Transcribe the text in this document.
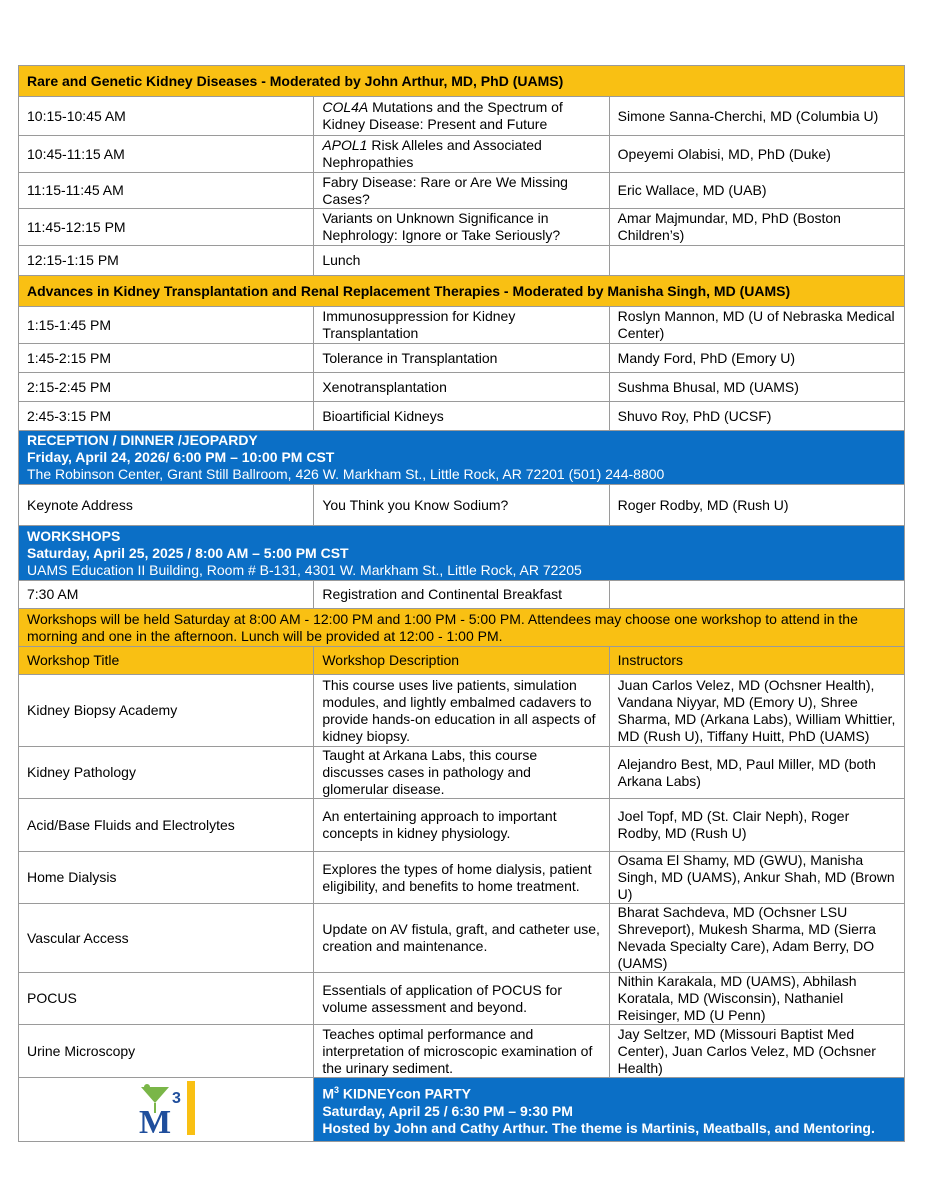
Rare and Genetic Kidney Diseases - Moderated by John Arthur, MD, PhD (UAMS)		
10:15-10:45 AM	COL4A Mutations and the Spectrum of Kidney Disease: Present and Future	Simone Sanna-Cherchi, MD (Columbia U)
10:45-11:15 AM	APOL1 Risk Alleles and Associated Nephropathies	Opeyemi Olabisi, MD, PhD (Duke)
11:15-11:45 AM	Fabry Disease: Rare or Are We Missing Cases?	Eric Wallace, MD (UAB)
11:45-12:15 PM	Variants on Unknown Significance in Nephrology: Ignore or Take Seriously?	Amar Majmundar, MD, PhD (Boston Children’s)
12:15-1:15 PM	Lunch	
Advances in Kidney Transplantation and Renal Replacement Therapies - Moderated by Manisha Singh, MD (UAMS)		
1:15-1:45 PM	Immunosuppression for Kidney Transplantation	Roslyn Mannon, MD (U of Nebraska Medical Center)
1:45-2:15 PM	Tolerance in Transplantation	Mandy Ford, PhD (Emory U)
2:15-2:45 PM	Xenotransplantation	Sushma Bhusal, MD (UAMS)
2:45-3:15 PM	Bioartificial Kidneys	Shuvo Roy, PhD (UCSF)

RECEPTION / DINNER /JEOPARDY
Friday, April 24, 2026/ 6:00 PM – 10:00 PM CST
The Robinson Center, Grant Still Ballroom, 426 W. Markham St., Little Rock, AR 72201 (501) 244-8800		

Keynote Address	You Think you Know Sodium?	Roger Rodby, MD (Rush U)

WORKSHOPS
Saturday, April 25, 2025 / 8:00 AM – 5:00 PM CST
UAMS Education II Building, Room # B-131, 4301 W. Markham St., Little Rock, AR 72205		

7:30 AM	Registration and Continental Breakfast	
Workshops will be held Saturday at 8:00 AM - 12:00 PM and 1:00 PM - 5:00 PM. Attendees may choose one workshop to attend in the morning and one in the afternoon. Lunch will be provided at 12:00 - 1:00 PM.		
Workshop Title	Workshop Description	Instructors
Kidney Biopsy Academy	This course uses live patients, simulation modules, and lightly embalmed cadavers to provide hands-on education in all aspects of kidney biopsy.	Juan Carlos Velez, MD (Ochsner Health), Vandana Niyyar, MD (Emory U), Shree Sharma, MD (Arkana Labs), William Whittier, MD (Rush U), Tiffany Huitt, PhD (UAMS)
Kidney Pathology	Taught at Arkana Labs, this course discusses cases in pathology and glomerular disease.	Alejandro Best, MD, Paul Miller, MD (both Arkana Labs)
Acid/Base Fluids and Electrolytes	An entertaining approach to important concepts in kidney physiology.	Joel Topf, MD (St. Clair Neph), Roger Rodby, MD (Rush U)
Home Dialysis	Explores the types of home dialysis, patient eligibility, and benefits to home treatment.	Osama El Shamy, MD (GWU), Manisha Singh, MD (UAMS), Ankur Shah, MD (Brown U)
Vascular Access	Update on AV fistula, graft, and catheter use, creation and maintenance.	Bharat Sachdeva, MD (Ochsner LSU Shreveport), Mukesh Sharma, MD (Sierra Nevada Specialty Care), Adam Berry, DO (UAMS)
POCUS	Essentials of application of POCUS for volume assessment and beyond.	Nithin Karakala, MD (UAMS), Abhilash Koratala, MD (Wisconsin), Nathaniel Reisinger, MD (U Penn)
Urine Microscopy	Teaches optimal performance and interpretation of microscopic examination of the urinary sediment.	Jay Seltzer, MD (Missouri Baptist Med Center), Juan Carlos Velez, MD (Ochsner Health)

M
3	$M^3$ KIDNEYcon PARTY
Saturday, April 25 / 6:30 PM – 9:30 PM
Hosted by John and Cathy Arthur. The theme is Martinis, Meatballs, and Mentoring.	
